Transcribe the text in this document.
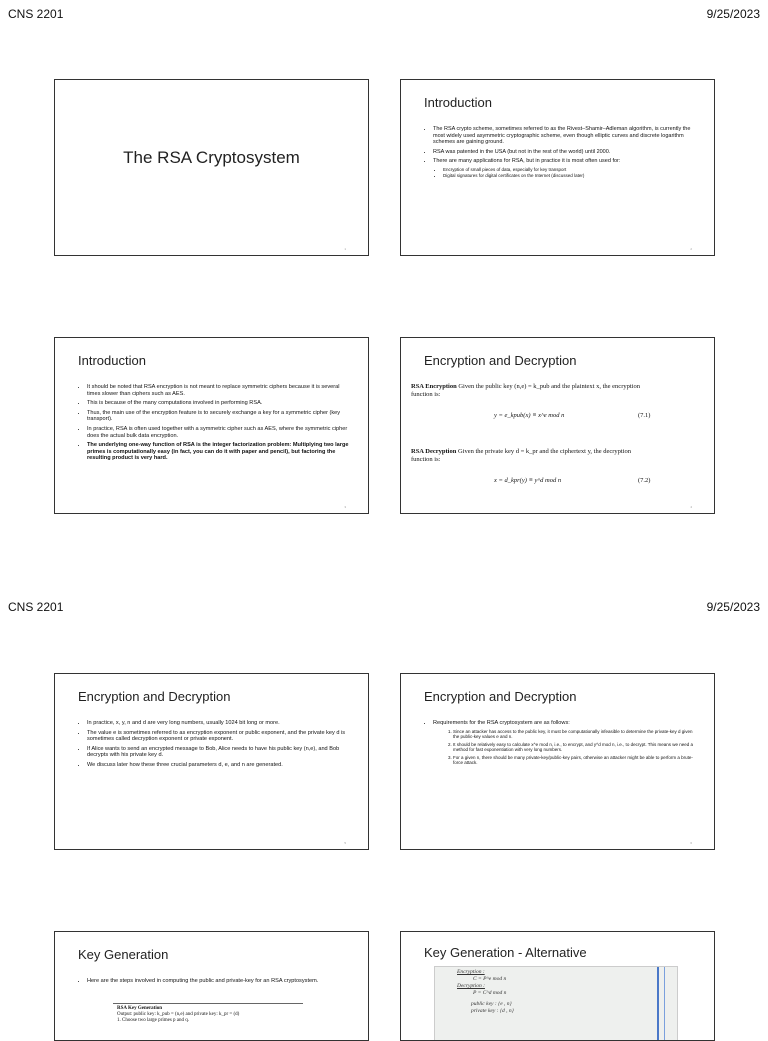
CNS 2201	9/25/2023
The RSA Cryptosystem
1
Introduction
• The RSA crypto scheme, sometimes referred to as the Rivest–Shamir–Adleman algorithm, is currently the most widely used asymmetric cryptographic scheme, even though elliptic curves and discrete logarithm schemes are gaining ground.
• RSA was patented in the USA (but not in the rest of the world) until 2000.
• There are many applications for RSA, but in practice it is most often used for:
• Encryption of small pieces of data, especially for key transport
• Digital signatures for digital certificates on the Internet (discussed later)
2
Introduction
• It should be noted that RSA encryption is not meant to replace symmetric ciphers because it is several times slower than ciphers such as AES.
• This is because of the many computations involved in performing RSA.
• Thus, the main use of the encryption feature is to securely exchange a key for a symmetric cipher (key transport).
• In practice, RSA is often used together with a symmetric cipher such as AES, where the symmetric cipher does the actual bulk data encryption.
• The underlying one-way function of RSA is the integer factorization problem: Multiplying two large primes is computationally easy (in fact, you can do it with paper and pencil), but factoring the resulting product is very hard.
3
Encryption and Decryption
RSA Encryption Given the public key (n,e) = k_pub and the plaintext x, the encryption function is:
y = e_kpub(x) ≡ x^e mod n	(7.1)
RSA Decryption Given the private key d = k_pr and the ciphertext y, the decryption function is:
x = d_kpr(y) ≡ y^d mod n	(7.2)
4
CNS 2201	9/25/2023
Encryption and Decryption
• In practice, x, y, n and d are very long numbers, usually 1024 bit long or more.
• The value e is sometimes referred to as encryption exponent or public exponent, and the private key d is sometimes called decryption exponent or private exponent.
• If Alice wants to send an encrypted message to Bob, Alice needs to have his public key (n,e), and Bob decrypts with his private key d.
• We discuss later how these three crucial parameters d, e, and n are generated.
5
Encryption and Decryption
• Requirements for the RSA cryptosystem are as follows:
1. Since an attacker has access to the public key, it must be computationally infeasible to determine the private-key d given the public-key values e and n.
2. It should be relatively easy to calculate x^e mod n, i.e., to encrypt, and y^d mod n, i.e., to decrypt. This means we need a method for fast exponentiation with very long numbers.
3. For a given n, there should be many private-key/public-key pairs, otherwise an attacker might be able to perform a brute-force attack.
6
Key Generation
• Here are the steps involved in computing the public and private-key for an RSA cryptosystem.
RSA Key Generation
Output: public key: k_pub = (n,e) and private key: k_pr = (d)
1. Choose two large primes p and q.
Key Generation - Alternative
Encryption :
C = P^e mod n
Decryption :
P = C^d mod n
public key : {e , n}
private key : {d , n}
